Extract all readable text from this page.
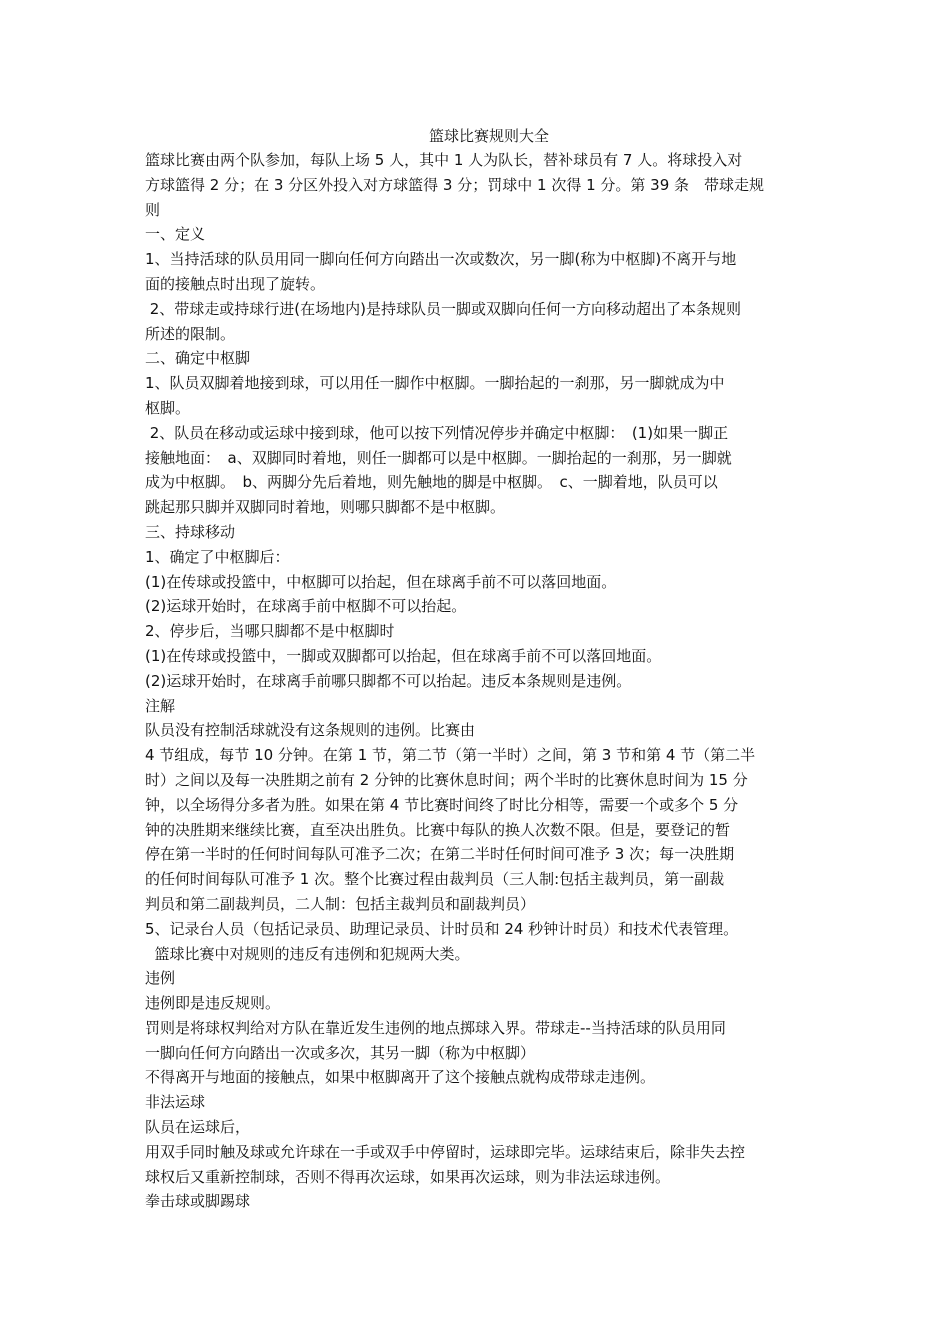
篮球比赛规则大全

篮球比赛由两个队参加，每队上场 5 人，其中 1 人为队长，替补球员有 7 人。将球投入对

方球篮得 2 分；在 3 分区外投入对方球篮得 3 分；罚球中 1 次得 1 分。第 39 条　带球走规

则

一、定义

1、当持活球的队员用同一脚向任何方向踏出一次或数次，另一脚(称为中枢脚)不离开与地

面的接触点时出现了旋转。

2、带球走或持球行进(在场地内)是持球队员一脚或双脚向任何一方向移动超出了本条规则

所述的限制。

二、确定中枢脚

1、队员双脚着地接到球，可以用任一脚作中枢脚。一脚抬起的一刹那，另一脚就成为中

枢脚。

2、队员在移动或运球中接到球，他可以按下列情况停步并确定中枢脚：　(1)如果一脚正

接触地面：　a、双脚同时着地，则任一脚都可以是中枢脚。一脚抬起的一刹那，另一脚就

成为中枢脚。　b、两脚分先后着地，则先触地的脚是中枢脚。　c、一脚着地，队员可以

跳起那只脚并双脚同时着地，则哪只脚都不是中枢脚。

三、持球移动

1、确定了中枢脚后：

(1)在传球或投篮中，中枢脚可以抬起，但在球离手前不可以落回地面。

(2)运球开始时，在球离手前中枢脚不可以抬起。

2、停步后，当哪只脚都不是中枢脚时

(1)在传球或投篮中，一脚或双脚都可以抬起，但在球离手前不可以落回地面。

(2)运球开始时，在球离手前哪只脚都不可以抬起。违反本条规则是违例。

注解

队员没有控制活球就没有这条规则的违例。比赛由

4 节组成，每节 10 分钟。在第 1 节，第二节（第一半时）之间，第 3 节和第 4 节（第二半

时）之间以及每一决胜期之前有 2 分钟的比赛休息时间；两个半时的比赛休息时间为 15 分

钟，以全场得分多者为胜。如果在第 4 节比赛时间终了时比分相等，需要一个或多个 5 分

钟的决胜期来继续比赛，直至决出胜负。比赛中每队的换人次数不限。但是，要登记的暂

停在第一半时的任何时间每队可准予二次；在第二半时任何时间可准予 3 次；每一决胜期

的任何时间每队可准予 1 次。整个比赛过程由裁判员（三人制:包括主裁判员，第一副裁

判员和第二副裁判员，二人制：包括主裁判员和副裁判员）

5、记录台人员（包括记录员、助理记录员、计时员和 24 秒钟计时员）和技术代表管理。

篮球比赛中对规则的违反有违例和犯规两大类。

违例

违例即是违反规则。

罚则是将球权判给对方队在靠近发生违例的地点掷球入界。带球走--当持活球的队员用同

一脚向任何方向踏出一次或多次，其另一脚（称为中枢脚）

不得离开与地面的接触点，如果中枢脚离开了这个接触点就构成带球走违例。

非法运球

队员在运球后，

用双手同时触及球或允许球在一手或双手中停留时，运球即完毕。运球结束后，除非失去控

球权后又重新控制球，否则不得再次运球，如果再次运球，则为非法运球违例。

拳击球或脚踢球
